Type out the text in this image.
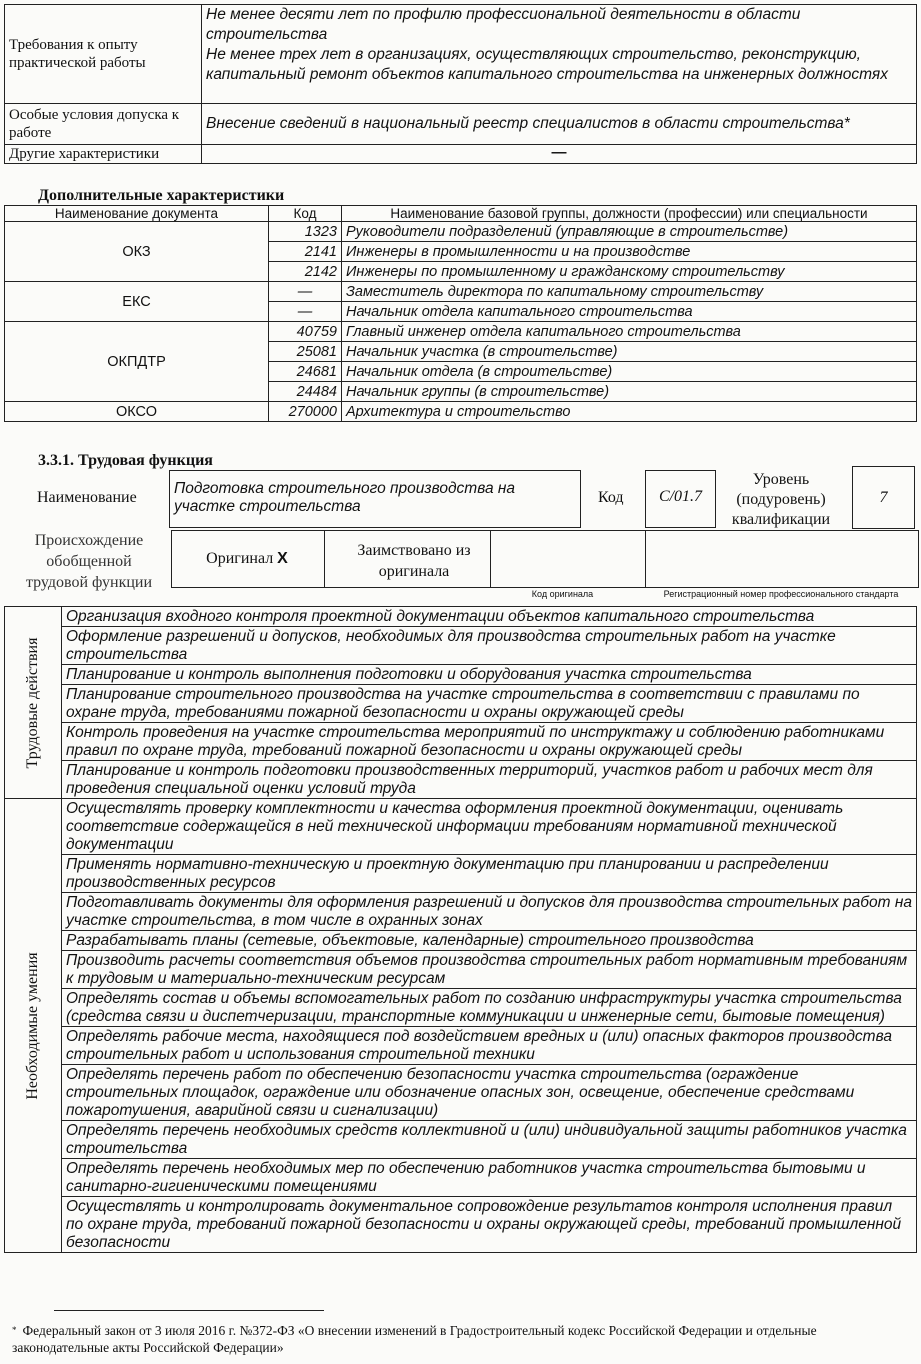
Требования к опыту практической работы	Не менее десяти лет по профилю профессиональной деятельности в области строительства
Не менее трех лет в организациях, осуществляющих строительство, реконструкцию, капитальный ремонт объектов капитального строительства на инженерных должностях

Особые условия допуска к работе	Внесение сведений в национальный реестр специалистов в области строительства*
Другие характеристики	—

Дополнительные характеристики

Наименование документа	Код	Наименование базовой группы, должности (профессии) или специальности
ОКЗ	1323	Руководители подразделений (управляющие в строительстве)
	2141	Инженеры в промышленности и на производстве
	2142	Инженеры по промышленному и гражданскому строительству
ЕКС	—	Заместитель директора по капитальному строительству
	—	Начальник отдела капитального строительства
ОКПДТР	40759	Главный инженер отдела капитального строительства
	25081	Начальник участка (в строительстве)
	24681	Начальник отдела (в строительстве)
	24484	Начальник группы (в строительстве)
ОКСО	270000	Архитектура и строительство

3.3.1. Трудовая функция

Наименование
Подготовка строительного производства на участке строительства
Код	C/01.7
Уровень (подуровень) квалификации
7
Происхождение обобщенной трудовой функции
Оригинал X	Заимствовано из оригинала
Код оригинала	Регистрационный номер профессионального стандарта
Трудовые действия	Организация входного контроля проектной документации объектов капитального строительства
	Оформление разрешений и допусков, необходимых для производства строительных работ на участке строительства
	Планирование и контроль выполнения подготовки и оборудования участка строительства
	Планирование строительного производства на участке строительства в соответствии с правилами по охране труда, требованиями пожарной безопасности и охраны окружающей среды
	Контроль проведения на участке строительства мероприятий по инструктажу и соблюдению работниками правил по охране труда, требований пожарной безопасности и охраны окружающей среды
	Планирование и контроль подготовки производственных территорий, участков работ и рабочих мест для проведения специальной оценки условий труда

Необходимые умения	Осуществлять проверку комплектности и качества оформления проектной документации, оценивать соответствие содержащейся в ней технической информации требованиям нормативной технической документации
	Применять нормативно-техническую и проектную документацию при планировании и распределении производственных ресурсов
	Подготавливать документы для оформления разрешений и допусков для производства строительных работ на участке строительства, в том числе в охранных зонах
	Разрабатывать планы (сетевые, объектовые, календарные) строительного производства
	Производить расчеты соответствия объемов производства строительных работ нормативным требованиям к трудовым и материально-техническим ресурсам
	Определять состав и объемы вспомогательных работ по созданию инфраструктуры участка строительства (средства связи и диспетчеризации, транспортные коммуникации и инженерные сети, бытовые помещения)
	Определять рабочие места, находящиеся под воздействием вредных и (или) опасных факторов производства строительных работ и использования строительной техники
	Определять перечень работ по обеспечению безопасности участка строительства (ограждение строительных площадок, ограждение или обозначение опасных зон, освещение, обеспечение средствами пожаротушения, аварийной связи и сигнализации)
	Определять перечень необходимых средств коллективной и (или) индивидуальной защиты работников участка строительства
	Определять перечень необходимых мер по обеспечению работников участка строительства бытовыми и санитарно-гигиеническими помещениями
	Осуществлять и контролировать документальное сопровождение результатов контроля исполнения правил по охране труда, требований пожарной безопасности и охраны окружающей среды, требований промышленной безопасности
* Федеральный закон от 3 июля 2016 г. №372-ФЗ «О внесении изменений в Градостроительный кодекс Российской Федерации и отдельные законодательные акты Российской Федерации»
